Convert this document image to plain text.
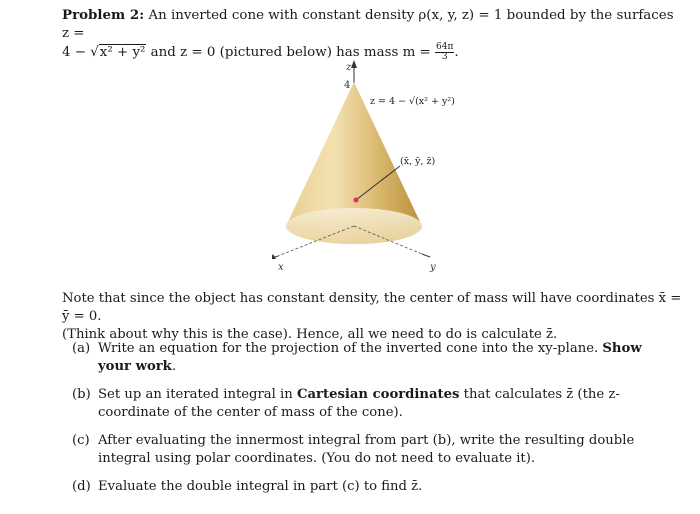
Problem 2: An inverted cone with constant density ρ(x, y, z) = 1 bounded by the surfaces z =
4 − √x² + y² and z = 0 (pictured below) has mass $m = \frac{64\pi}{3}$ .
z
x	y
4
z = 4 − √(x² + y²)
(x̄, ȳ, z̄)
Note that since the object has constant density, the center of mass will have coordinates x̄ = ȳ = 0.
(Think about why this is the case). Hence, all we need to do is calculate z̄.
(a) Write an equation for the projection of the inverted cone into the xy-plane. Show your work.
(b) Set up an iterated integral in Cartesian coordinates that calculates z̄ (the z-coordinate of the center of mass of the cone).
(c) After evaluating the innermost integral from part (b), write the resulting double integral using polar coordinates. (You do not need to evaluate it).
(d) Evaluate the double integral in part (c) to find z̄.
